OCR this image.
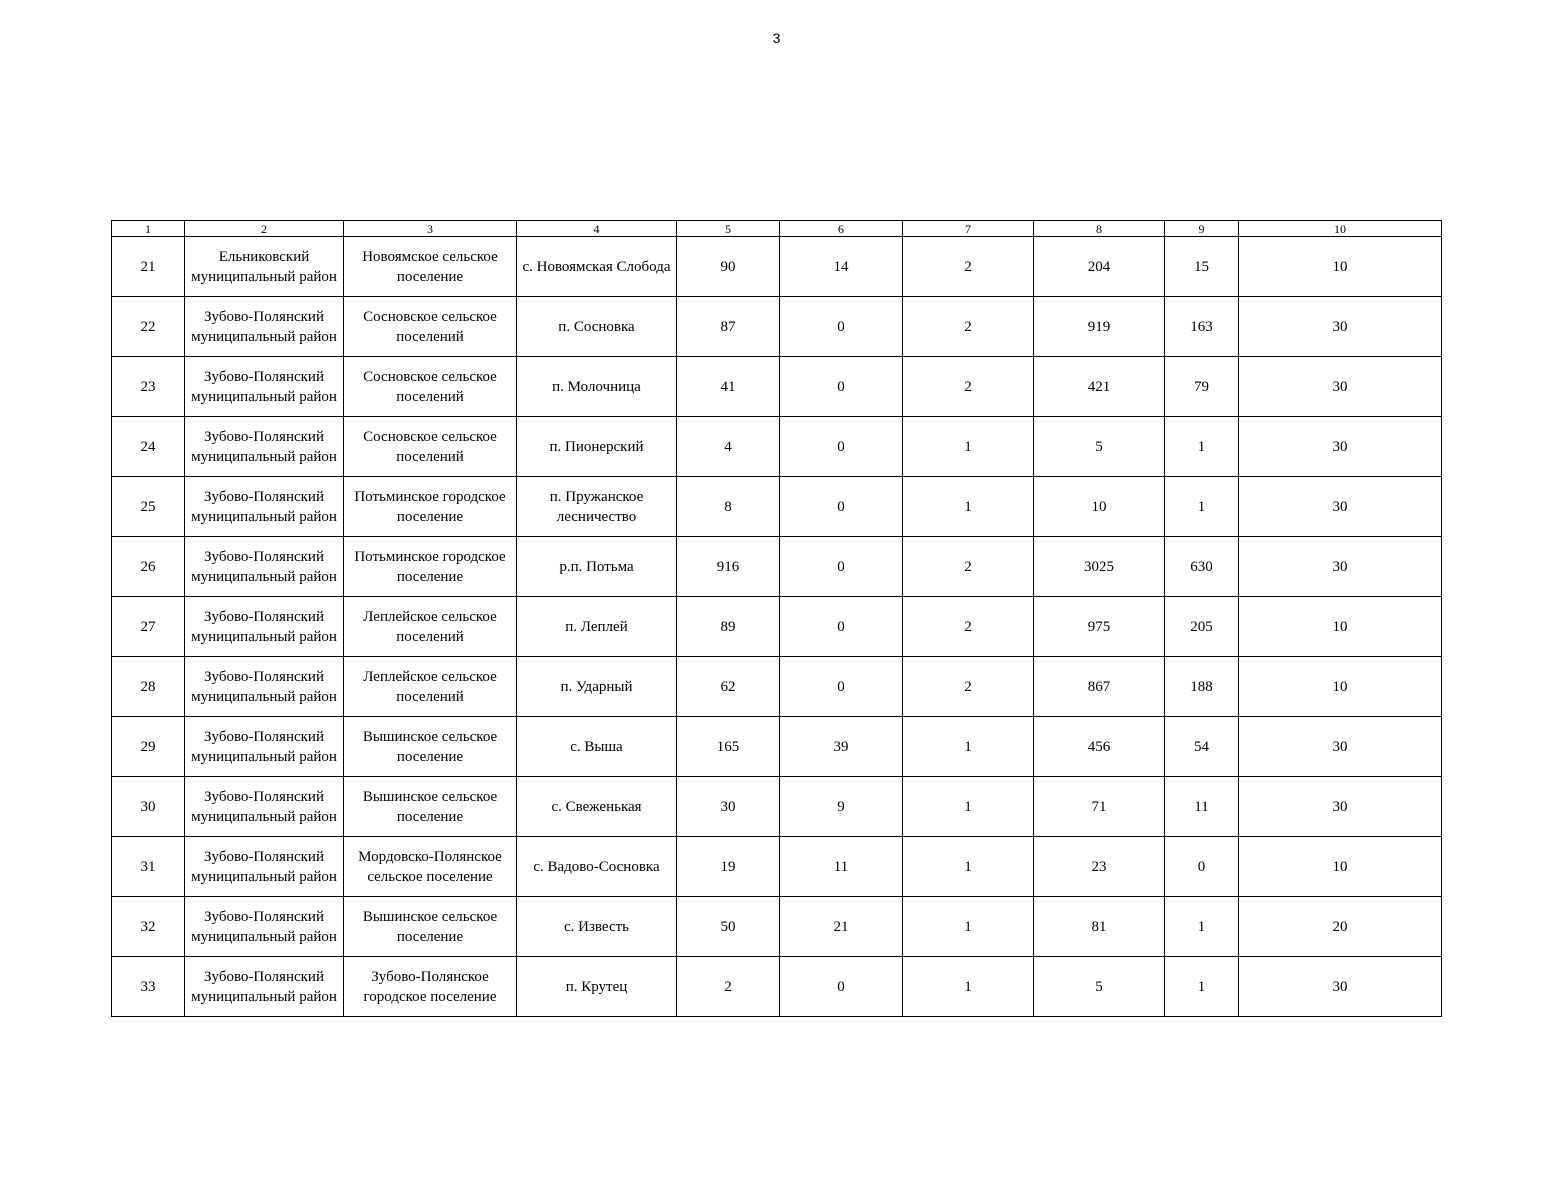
3
1	2	3	4	5	6	7	8	9	10
21	Ельниковский муниципальный район	Новоямское сельское поселение	с. Новоямская Слобода	90	14	2	204	15	10
22	Зубово-Полянский муниципальный район	Сосновское сельское поселений	п. Сосновка	87	0	2	919	163	30
23	Зубово-Полянский муниципальный район	Сосновское сельское поселений	п. Молочница	41	0	2	421	79	30
24	Зубово-Полянский муниципальный район	Сосновское сельское поселений	п. Пионерский	4	0	1	5	1	30
25	Зубово-Полянский муниципальный район	Потьминское городское поселение	п. Пружанское лесничество	8	0	1	10	1	30
26	Зубово-Полянский муниципальный район	Потьминское городское поселение	р.п. Потьма	916	0	2	3025	630	30
27	Зубово-Полянский муниципальный район	Леплейское сельское поселений	п. Леплей	89	0	2	975	205	10
28	Зубово-Полянский муниципальный район	Леплейское сельское поселений	п. Ударный	62	0	2	867	188	10
29	Зубово-Полянский муниципальный район	Вышинское сельское поселение	с. Выша	165	39	1	456	54	30
30	Зубово-Полянский муниципальный район	Вышинское сельское поселение	с. Свеженькая	30	9	1	71	11	30
31	Зубово-Полянский муниципальный район	Мордовско-Полянское сельское поселение	с. Вадово-Сосновка	19	11	1	23	0	10
32	Зубово-Полянский муниципальный район	Вышинское сельское поселение	с. Известь	50	21	1	81	1	20
33	Зубово-Полянский муниципальный район	Зубово-Полянское городское поселение	п. Крутец	2	0	1	5	1	30
